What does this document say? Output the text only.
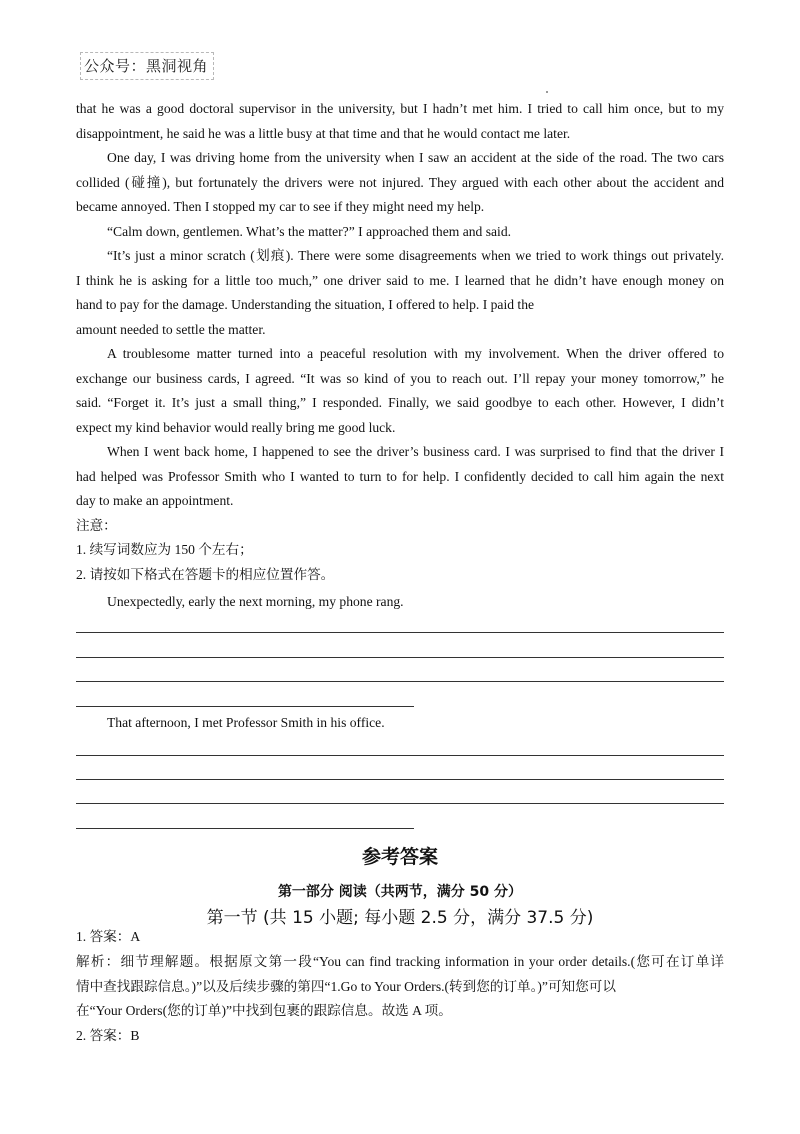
公众号：黑洞视角
that he was a good doctoral supervisor in the university, but I hadn’t met him. I tried to call him once, but to my
disappointment, he said he was a little busy at that time and that he would contact me later.
One day, I was driving home from the university when I saw an accident at the side of the road. The two cars
collided (碰撞), but fortunately the drivers were not injured. They argued with each other about the accident and
became annoyed. Then I stopped my car to see if they might need my help.
“Calm down, gentlemen. What’s the matter?” I approached them and said.
“It’s just a minor scratch (划痕). There were some disagreements when we tried to work things out privately.
I think he is asking for a little too much,” one driver said to me. I learned that he didn’t have enough money on
hand to pay for the damage. Understanding the situation, I offered to help. I paid the
amount needed to settle the matter.
A troublesome matter turned into a peaceful resolution with my involvement. When the driver offered to
exchange our business cards, I agreed. “It was so kind of you to reach out. I’ll repay your money tomorrow,” he
said. “Forget it. It’s just a small thing,” I responded. Finally, we said goodbye to each other. However, I didn’t
expect my kind behavior would really bring me good luck.
When I went back home, I happened to see the driver’s business card. I was surprised to find that the driver I
had helped was Professor Smith who I wanted to turn to for help. I confidently decided to call him again the next
day to make an appointment.
注意：
1. 续写词数应为 150 个左右；
2. 请按如下格式在答题卡的相应位置作答。
Unexpectedly, early the next morning, my phone rang.
That afternoon, I met Professor Smith in his office.
参考答案
第一部分 阅读（共两节，满分 50 分）
第一节 (共 15 小题; 每小题 2.5 分，满分 37.5 分)
1. 答案：A
解析：细节理解题。根据原文第一段“You can find tracking information in your order details.(您可在订单详
情中查找跟踪信息。)”以及后续步骤的第四“1.Go to Your Orders.(转到您的订单。)”可知您可以
在“Your Orders(您的订单)”中找到包裹的跟踪信息。故选 A 项。
2. 答案：B
